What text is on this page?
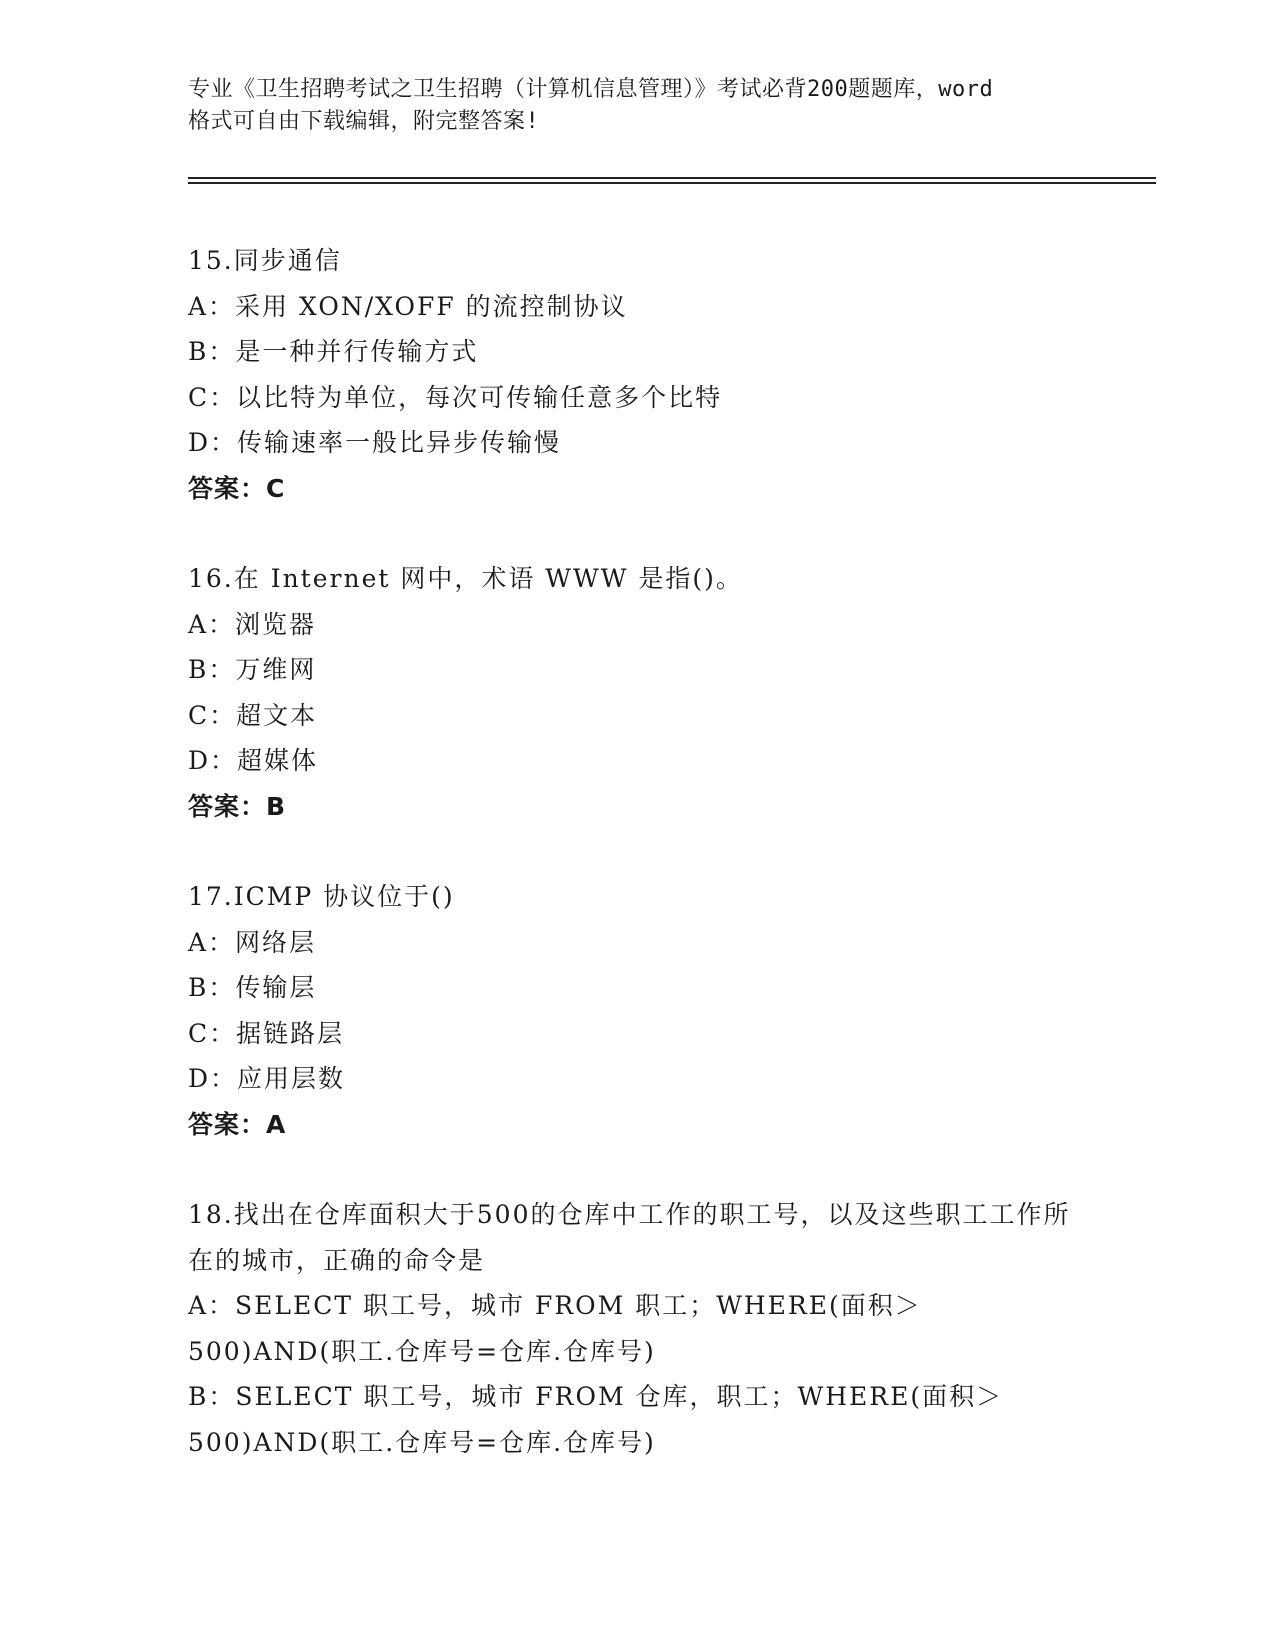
专业《卫生招聘考试之卫生招聘（计算机信息管理）》考试必背200题题库，word
格式可自由下载编辑，附完整答案!
15.同步通信
A：采用 XON/XOFF 的流控制协议
B：是一种并行传输方式
C：以比特为单位，每次可传输任意多个比特
D：传输速率一般比异步传输慢
答案：C
16.在 Internet 网中，术语 WWW 是指()。
A：浏览器
B：万维网
C：超文本
D：超媒体
答案：B
17.ICMP 协议位于()
A：网络层
B：传输层
C：据链路层
D：应用层数
答案：A
18.找出在仓库面积大于500的仓库中工作的职工号，以及这些职工工作所在的城市，正确的命令是
A：SELECT 职工号，城市 FROM 职工；WHERE(面积＞500)AND(职工.仓库号=仓库.仓库号)
B：SELECT 职工号，城市 FROM 仓库，职工；WHERE(面积＞500)AND(职工.仓库号=仓库.仓库号)
